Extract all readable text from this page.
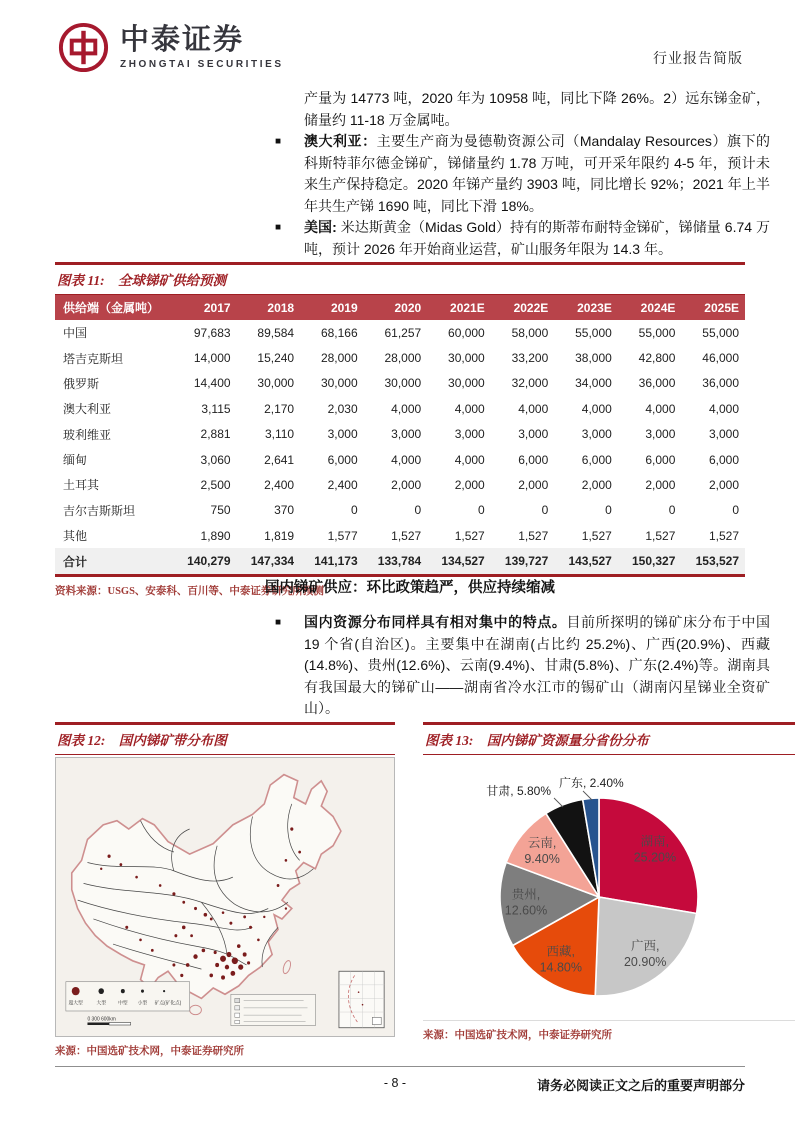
中泰证券
ZHONGTAI SECURITIES	行业报告简版
产量为 14773 吨，2020 年为 10958 吨，同比下降 26%。2）远东锑金矿，储量约 11-18 万金属吨。
■	澳大利亚：主要生产商为曼德勒资源公司（Mandalay Resources）旗下的科斯特菲尔德金锑矿，锑储量约 1.78 万吨，可开采年限约 4-5 年，预计未来生产保持稳定。2020 年锑产量约 3903 吨，同比增长 92%；2021 年上半年共生产锑 1690 吨，同比下滑 18%。
■	美国: 米达斯黄金（Midas Gold）持有的斯蒂布耐特金锑矿，锑储量 6.74 万吨，预计 2026 年开始商业运营，矿山服务年限为 14.3 年。
图表 11: 全球锑矿供给预测
供给端（金属吨）	2017	2018	2019	2020	2021E	2022E	2023E	2024E	2025E
中国	97,683	89,584	68,166	61,257	60,000	58,000	55,000	55,000	55,000
塔吉克斯坦	14,000	15,240	28,000	28,000	30,000	33,200	38,000	42,800	46,000
俄罗斯	14,400	30,000	30,000	30,000	30,000	32,000	34,000	36,000	36,000
澳大利亚	3,115	2,170	2,030	4,000	4,000	4,000	4,000	4,000	4,000
玻利维亚	2,881	3,110	3,000	3,000	3,000	3,000	3,000	3,000	3,000
缅甸	3,060	2,641	6,000	4,000	4,000	6,000	6,000	6,000	6,000
土耳其	2,500	2,400	2,400	2,000	2,000	2,000	2,000	2,000	2,000
吉尔吉斯斯坦	750	370	0	0	0	0	0	0	0
其他	1,890	1,819	1,577	1,527	1,527	1,527	1,527	1,527	1,527
合计	140,279	147,334	141,173	133,784	134,527	139,727	143,527	150,327	153,527
资料来源：USGS、安泰科、百川等、中泰证券研究所预测
国内锑矿供应：环比政策趋严，供应持续缩减
■	国内资源分布同样具有相对集中的特点。目前所探明的锑矿床分布于中国 19 个省(自治区)。主要集中在湖南(占比约 25.2%)、广西(20.9%)、西藏(14.8%)、贵州(12.6%)、云南(9.4%)、甘肃(5.8%)、广东(2.4%)等。湖南具有我国最大的锑矿山——湖南省冷水江市的锡矿山（湖南闪星锑业全资矿山）。
图表 12: 国内锑矿带分布图
超大型	大型	中型 小型 矿点(矿化点)
0 300 600km
来源：中国选矿技术网，中泰证券研究所
图表 13: 国内锑矿资源量分省份分布
湖南, 25.20%
广西, 20.90%
西藏, 14.80%
贵州, 12.60%
云南, 9.40%
甘肃, 5.80%
广东, 2.40%
来源：中国选矿技术网，中泰证券研究所
- 8 -	请务必阅读正文之后的重要声明部分
